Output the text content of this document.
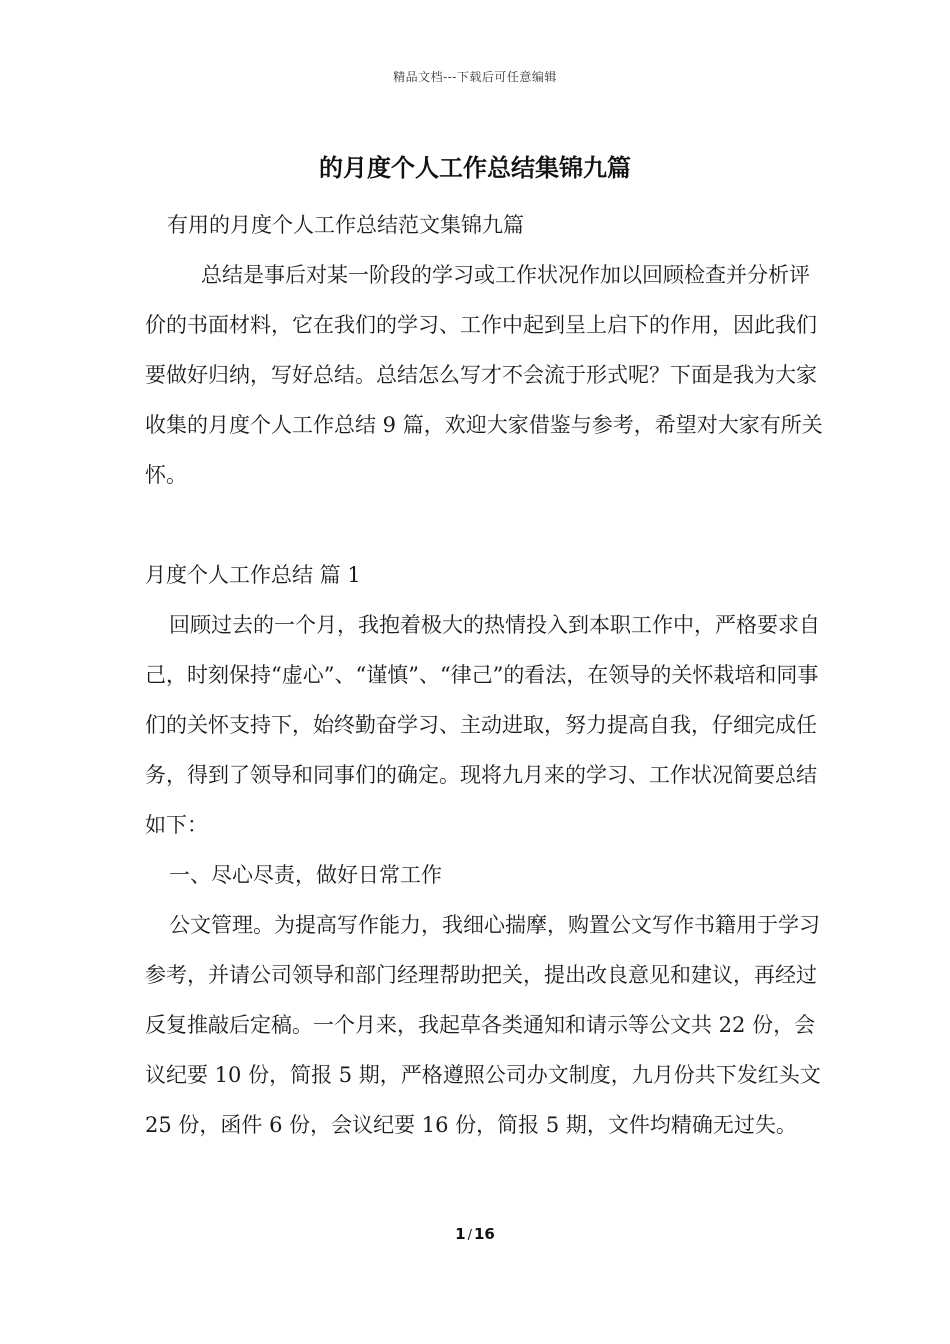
精品文档---下载后可任意编辑
的月度个人工作总结集锦九篇

有用的月度个人工作总结范文集锦九篇

总结是事后对某一阶段的学习或工作状况作加以回顾检查并分析评价的书面材料，它在我们的学习、工作中起到呈上启下的作用，因此我们要做好归纳，写好总结。总结怎么写才不会流于形式呢？下面是我为大家收集的月度个人工作总结 9 篇，欢迎大家借鉴与参考，希望对大家有所关怀。

月度个人工作总结 篇 1

回顾过去的一个月，我抱着极大的热情投入到本职工作中，严格要求自己，时刻保持“虚心”、“谨慎”、“律己”的看法，在领导的关怀栽培和同事们的关怀支持下，始终勤奋学习、主动进取，努力提高自我，仔细完成任务，得到了领导和同事们的确定。现将九月来的学习、工作状况简要总结如下：

一、尽心尽责，做好日常工作

公文管理。为提高写作能力，我细心揣摩，购置公文写作书籍用于学习参考，并请公司领导和部门经理帮助把关，提出改良意见和建议，再经过反复推敲后定稿。一个月来，我起草各类通知和请示等公文共 22 份，会议纪要 10 份，简报 5 期，严格遵照公司办文制度，九月份共下发红头文 25 份，函件 6 份，会议纪要 16 份，简报 5 期，文件均精确无过失。

1 / 16
